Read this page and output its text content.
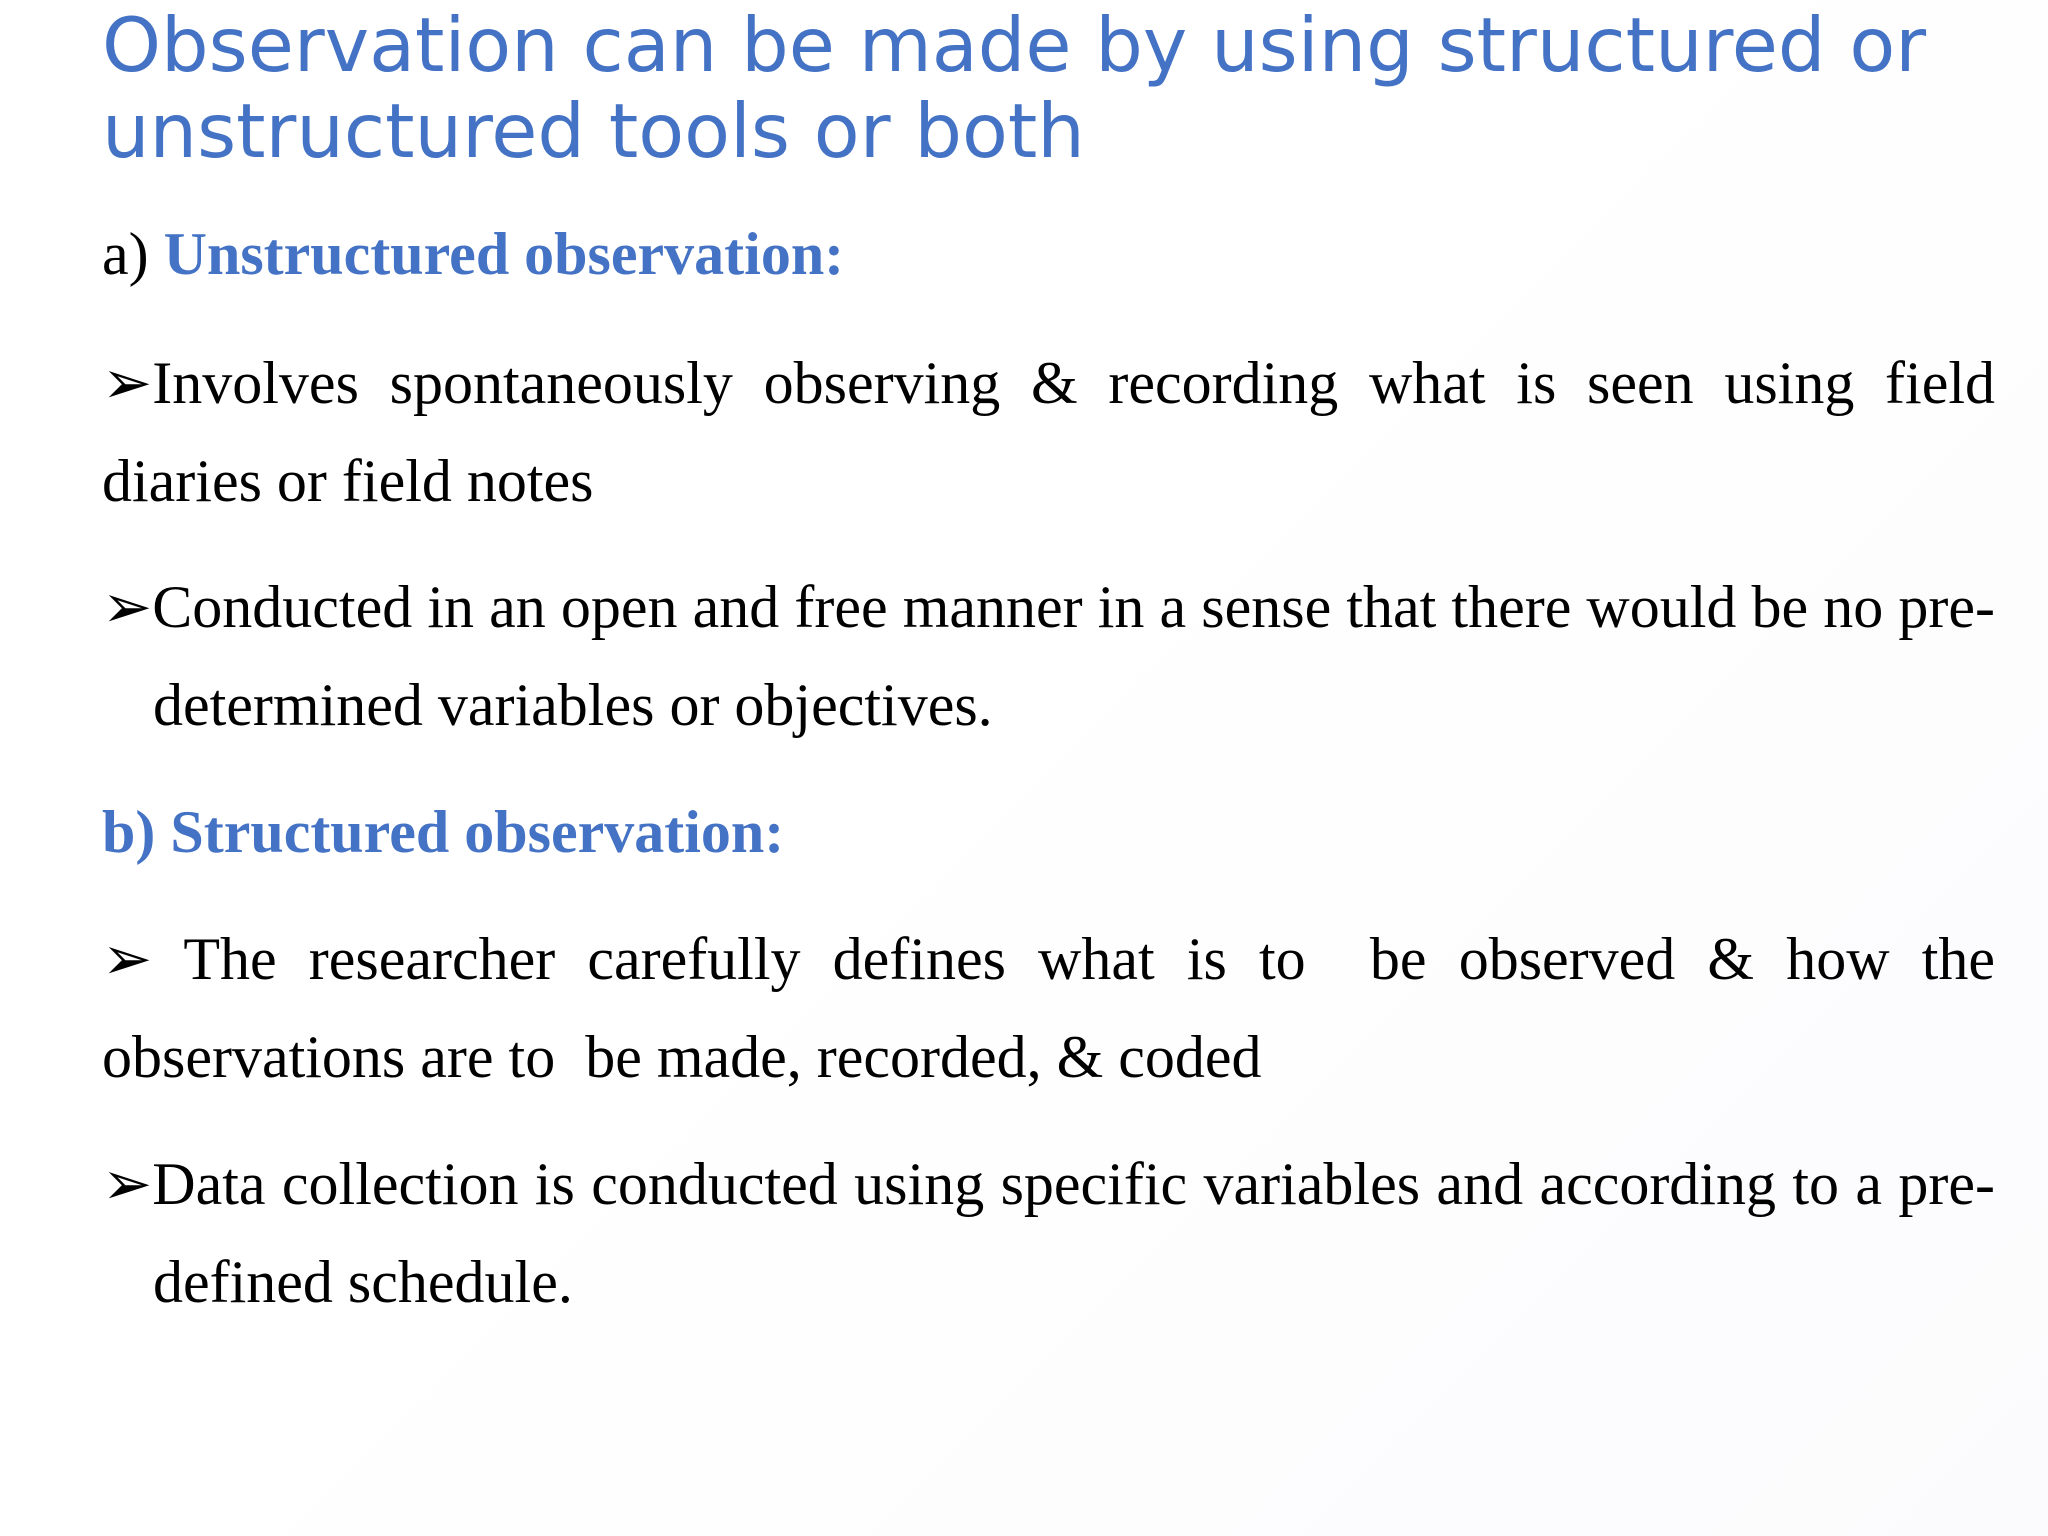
Observation can be made by using structured or unstructured tools or both

a) Unstructured observation:

➢Involves spontaneously observing & recording what is seen using field diaries or field notes

➢Conducted in an open and free manner in a sense that there would be no pre-determined variables or objectives.

b) Structured observation:

➢ The researcher carefully defines what is to  be observed & how the observations are to  be made, recorded, & coded

➢Data collection is conducted using specific variables and according to a pre-defined schedule.
